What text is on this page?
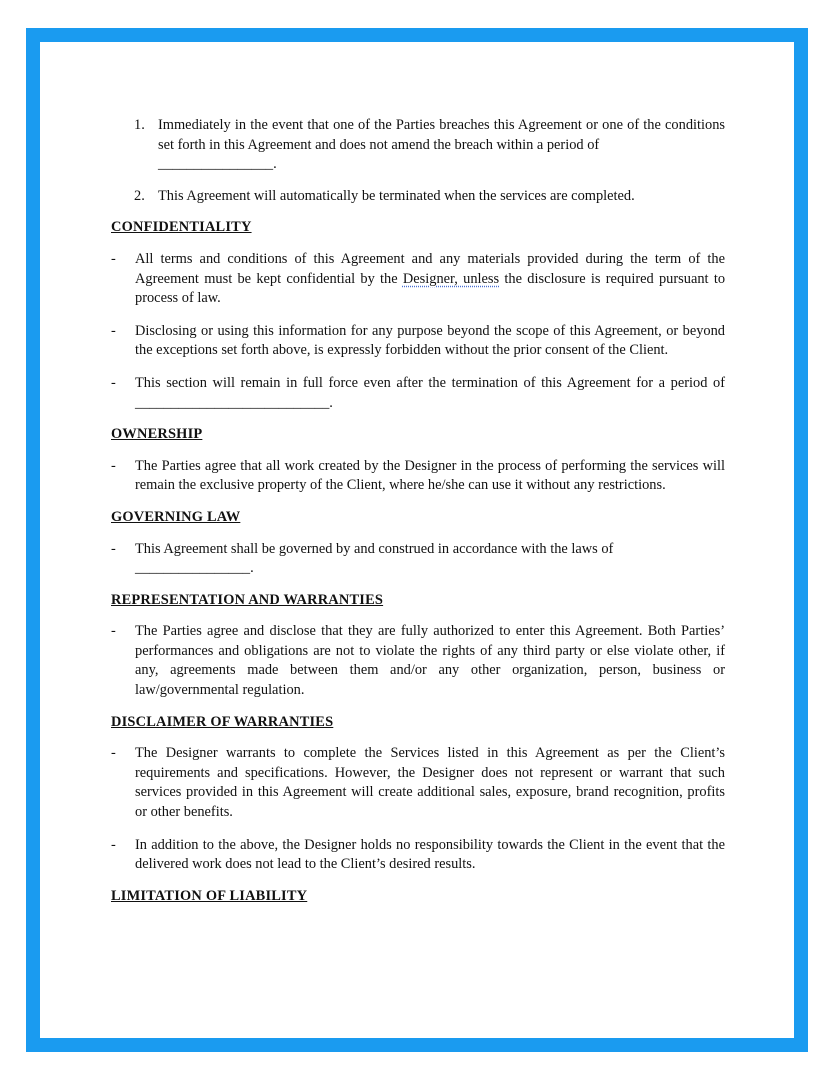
1. Immediately in the event that one of the Parties breaches this Agreement or one of the conditions set forth in this Agreement and does not amend the breach within a period of
________________.
2. This Agreement will automatically be terminated when the services are completed.

CONFIDENTIALITY

- All terms and conditions of this Agreement and any materials provided during the term of the Agreement must be kept confidential by the Designer, unless the disclosure is required pursuant to process of law.
- Disclosing or using this information for any purpose beyond the scope of this Agreement, or beyond the exceptions set forth above, is expressly forbidden without the prior consent of the Client.
- This section will remain in full force even after the termination of this Agreement for a period of ___________________________.

OWNERSHIP

- The Parties agree that all work created by the Designer in the process of performing the services will remain the exclusive property of the Client, where he/she can use it without any restrictions.

GOVERNING LAW

- This Agreement shall be governed by and construed in accordance with the laws of
________________.

REPRESENTATION AND WARRANTIES

- The Parties agree and disclose that they are fully authorized to enter this Agreement. Both Parties’ performances and obligations are not to violate the rights of any third party or else violate other, if any, agreements made between them and/or any other organization, person, business or law/governmental regulation.

DISCLAIMER OF WARRANTIES

- The Designer warrants to complete the Services listed in this Agreement as per the Client’s requirements and specifications. However, the Designer does not represent or warrant that such services provided in this Agreement will create additional sales, exposure, brand recognition, profits or other benefits.
- In addition to the above, the Designer holds no responsibility towards the Client in the event that the delivered work does not lead to the Client’s desired results.

LIMITATION OF LIABILITY
